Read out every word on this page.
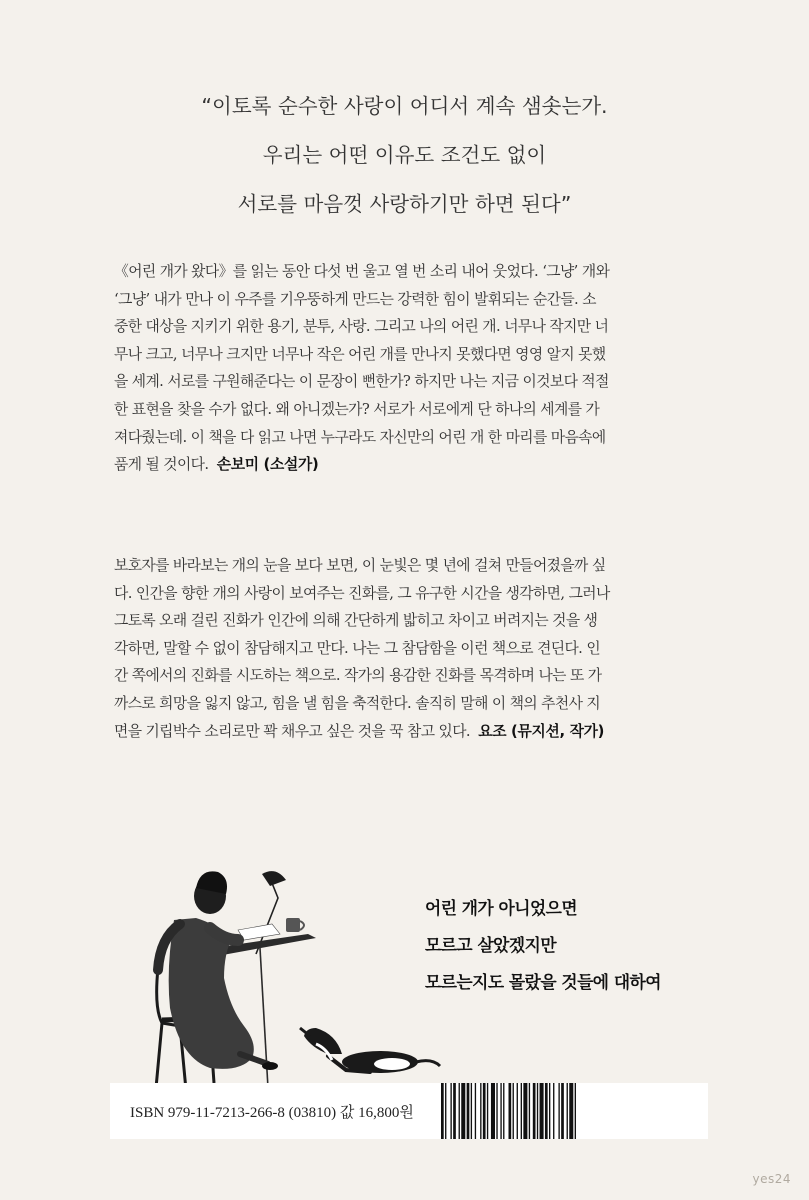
“이토록 순수한 사랑이 어디서 계속 샘솟는가.
우리는 어떤 이유도 조건도 없이
서로를 마음껏 사랑하기만 하면 된다”
《어린 개가 왔다》를 읽는 동안 다섯 번 울고 열 번 소리 내어 웃었다. ‘그냥’ 개와
‘그냥’ 내가 만나 이 우주를 기우뚱하게 만드는 강력한 힘이 발휘되는 순간들. 소
중한 대상을 지키기 위한 용기, 분투, 사랑. 그리고 나의 어린 개. 너무나 작지만 너
무나 크고, 너무나 크지만 너무나 작은 어린 개를 만나지 못했다면 영영 알지 못했
을 세계. 서로를 구원해준다는 이 문장이 뻔한가? 하지만 나는 지금 이것보다 적절
한 표현을 찾을 수가 없다. 왜 아니겠는가? 서로가 서로에게 단 하나의 세계를 가
져다줬는데. 이 책을 다 읽고 나면 누구라도 자신만의 어린 개 한 마리를 마음속에
품게 될 것이다. 손보미 (소설가)
보호자를 바라보는 개의 눈을 보다 보면, 이 눈빛은 몇 년에 걸쳐 만들어졌을까 싶
다. 인간을 향한 개의 사랑이 보여주는 진화를, 그 유구한 시간을 생각하면, 그러나
그토록 오래 걸린 진화가 인간에 의해 간단하게 밟히고 차이고 버려지는 것을 생
각하면, 말할 수 없이 참담해지고 만다. 나는 그 참담함을 이런 책으로 견딘다. 인
간 쪽에서의 진화를 시도하는 책으로. 작가의 용감한 진화를 목격하며 나는 또 가
까스로 희망을 잃지 않고, 힘을 낼 힘을 축적한다. 솔직히 말해 이 책의 추천사 지
면을 기립박수 소리로만 꽉 채우고 싶은 것을 꾹 참고 있다. 요조 (뮤지션, 작가)
어린 개가 아니었으면
모르고 살았겠지만
모르는지도 몰랐을 것들에 대하여
ISBN 979-11-7213-266-8 (03810) 값 16,800원
yes24
